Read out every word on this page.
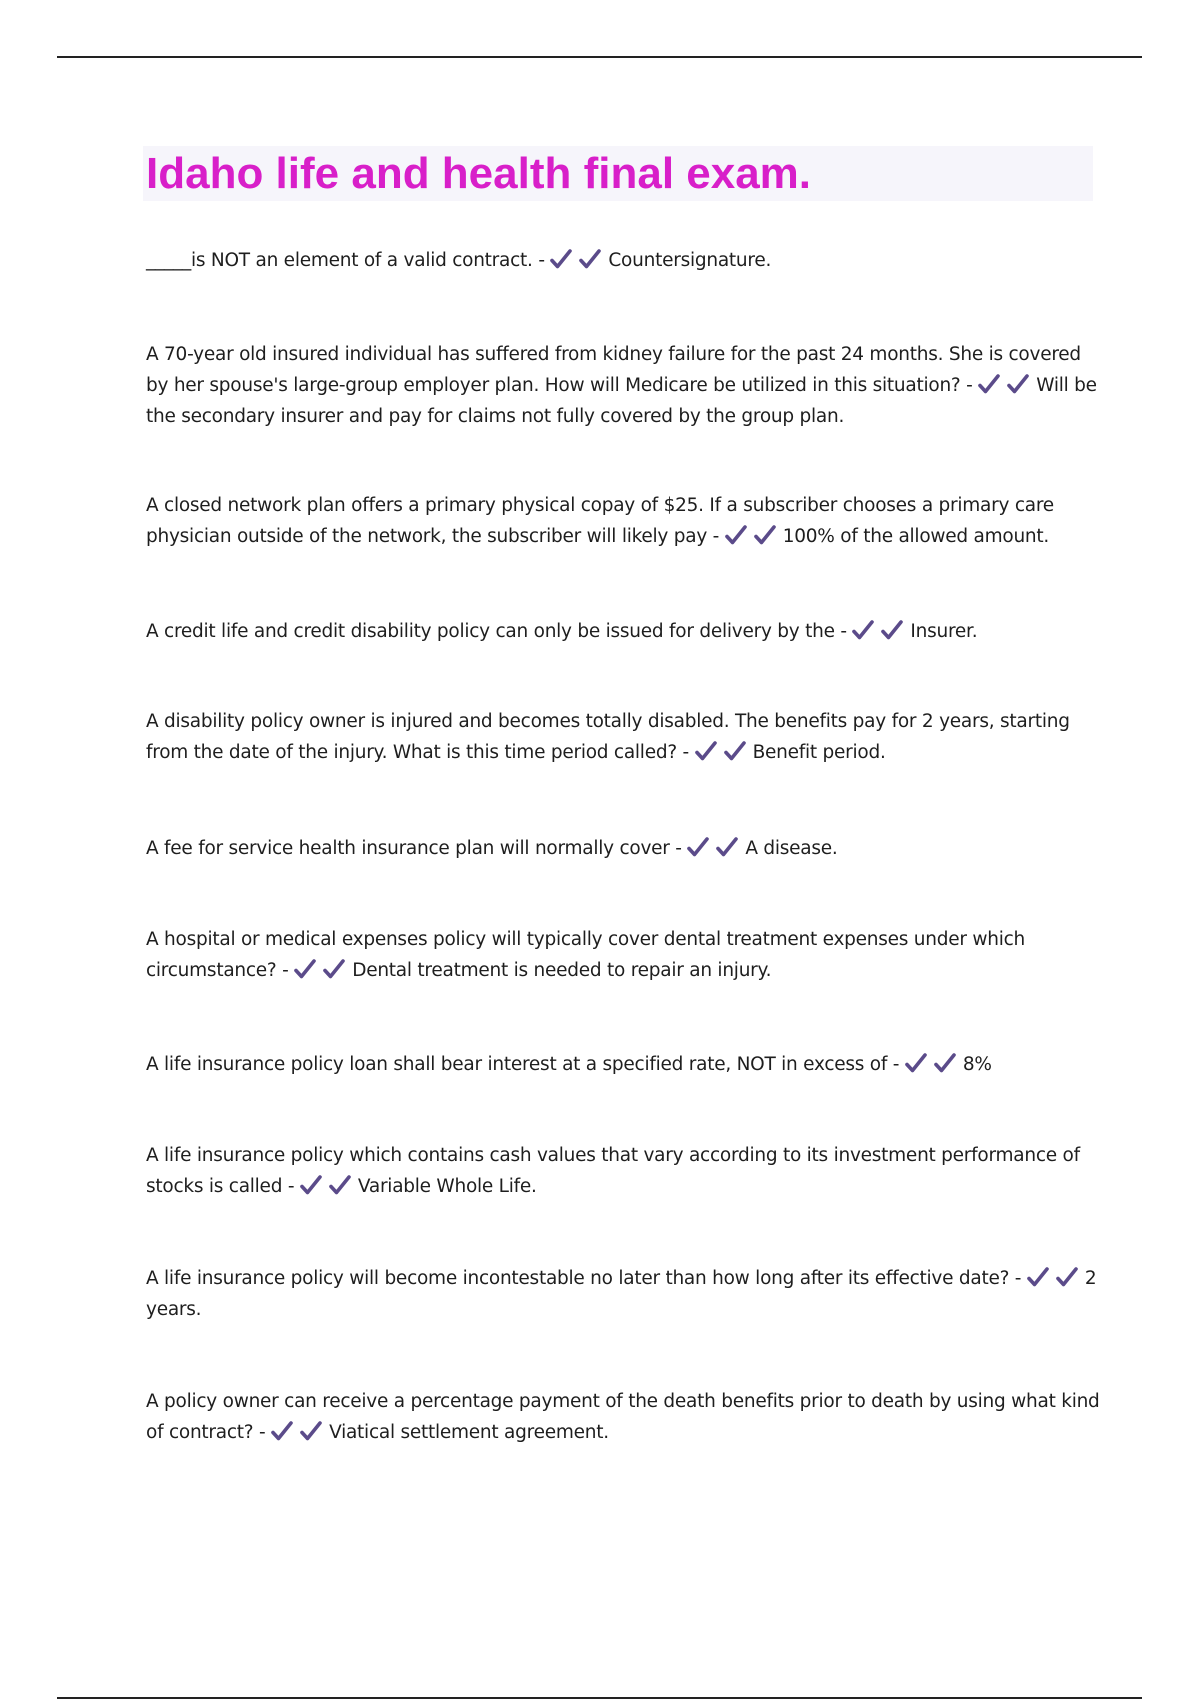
Idaho life and health final exam.

_____is NOT an element of a valid contract. -	Countersignature.

A 70-year old insured individual has suffered from kidney failure for the past 24 months. She is covered by her spouse's large-group employer plan. How will Medicare be utilized in this situation? -	Will be the secondary insurer and pay for claims not fully covered by the group plan.

A closed network plan offers a primary physical copay of $25. If a subscriber chooses a primary care physician outside of the network, the subscriber will likely pay -	100% of the allowed amount.

A credit life and credit disability policy can only be issued for delivery by the -	Insurer.

A disability policy owner is injured and becomes totally disabled. The benefits pay for 2 years, starting from the date of the injury. What is this time period called? -	Benefit period.

A fee for service health insurance plan will normally cover -	A disease.

A hospital or medical expenses policy will typically cover dental treatment expenses under which circumstance? -	Dental treatment is needed to repair an injury.

A life insurance policy loan shall bear interest at a specified rate, NOT in excess of -	8%

A life insurance policy which contains cash values that vary according to its investment performance of stocks is called -	Variable Whole Life.

A life insurance policy will become incontestable no later than how long after its effective date? -	2 years.

A policy owner can receive a percentage payment of the death benefits prior to death by using what kind of contract? -	Viatical settlement agreement.
